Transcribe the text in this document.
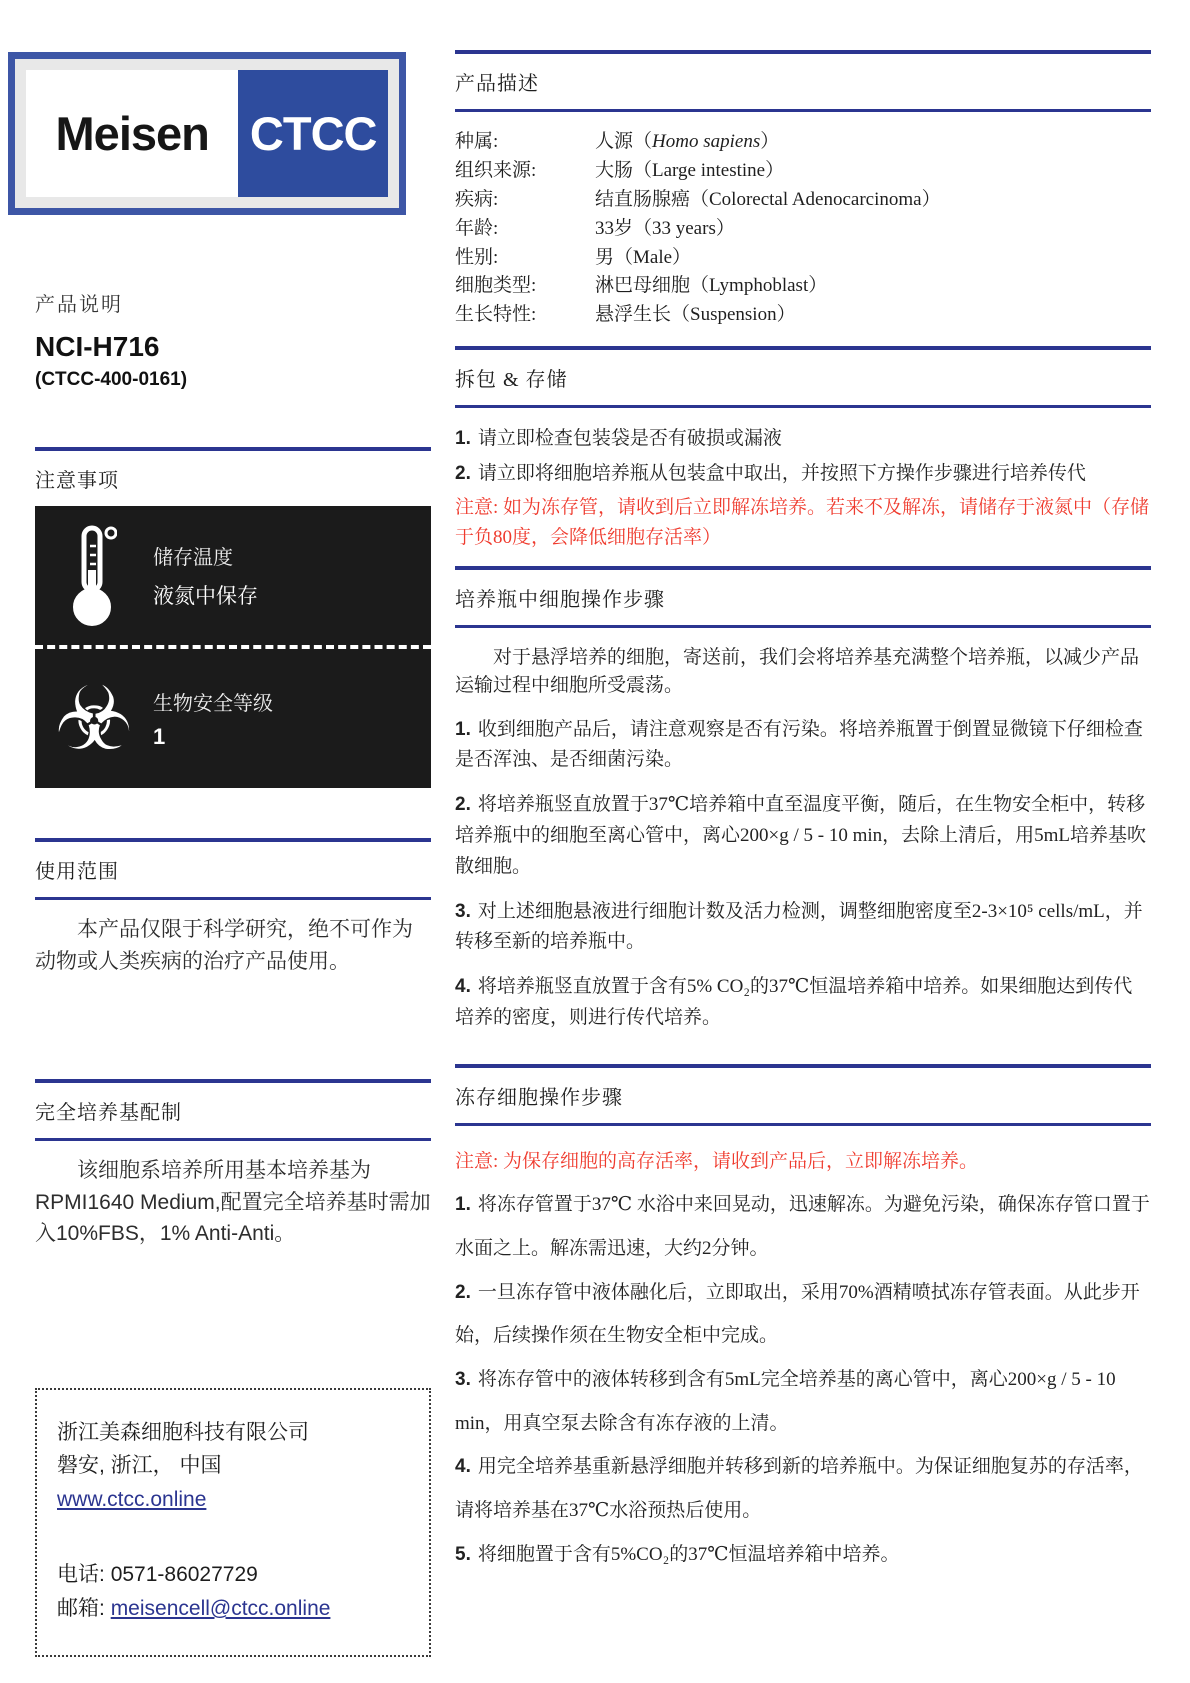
Meisen CTCC
产品说明
NCI-H716
(CTCC-400-0161)
注意事项
储存温度
液氮中保存
☣ 生物安全等级
1
使用范围

本产品仅限于科学研究，绝不可作为动物或人类疾病的治疗产品使用。

完全培养基配制

该细胞系培养所用基本培养基为RPMI1640 Medium,配置完全培养基时需加入10%FBS，1% Anti-Anti。

浙江美森细胞科技有限公司
磐安, 浙江， 中国
www.ctcc.online
电话: 0571-86027729
邮箱: meisencell@ctcc.online
产品描述
种属:	人源（Homo sapiens）
组织来源:	大肠（Large intestine）
疾病:	结直肠腺癌（Colorectal Adenocarcinoma）
年龄:	33岁（33 years）
性别:	男（Male）
细胞类型:	淋巴母细胞（Lymphoblast）
生长特性:	悬浮生长（Suspension）
拆包 & 存储

1. 请立即检查包装袋是否有破损或漏液

2. 请立即将细胞培养瓶从包装盒中取出，并按照下方操作步骤进行培养传代

注意: 如为冻存管，请收到后立即解冻培养。若来不及解冻，请储存于液氮中（存储于负80度，会降低细胞存活率）

培养瓶中细胞操作步骤

对于悬浮培养的细胞，寄送前，我们会将培养基充满整个培养瓶，以减少产品运输过程中细胞所受震荡。

1. 收到细胞产品后，请注意观察是否有污染。将培养瓶置于倒置显微镜下仔细检查是否浑浊、是否细菌污染。

2. 将培养瓶竖直放置于37℃培养箱中直至温度平衡，随后，在生物安全柜中，转移培养瓶中的细胞至离心管中，离心200×g / 5 - 10 min，去除上清后，用5mL培养基吹散细胞。

3. 对上述细胞悬液进行细胞计数及活力检测，调整细胞密度至2-3×10⁵ cells/mL，并转移至新的培养瓶中。

4. 将培养瓶竖直放置于含有5% CO₂的37℃恒温培养箱中培养。如果细胞达到传代培养的密度，则进行传代培养。

冻存细胞操作步骤

注意: 为保存细胞的高存活率，请收到产品后，立即解冻培养。

1. 将冻存管置于37℃ 水浴中来回晃动，迅速解冻。为避免污染，确保冻存管口置于水面之上。解冻需迅速，大约2分钟。

2. 一旦冻存管中液体融化后，立即取出，采用70%酒精喷拭冻存管表面。从此步开始，后续操作须在生物安全柜中完成。

3. 将冻存管中的液体转移到含有5mL完全培养基的离心管中，离心200×g / 5 - 10 min，用真空泵去除含有冻存液的上清。

4. 用完全培养基重新悬浮细胞并转移到新的培养瓶中。为保证细胞复苏的存活率，请将培养基在37℃水浴预热后使用。

5. 将细胞置于含有5%CO₂的37℃恒温培养箱中培养。
